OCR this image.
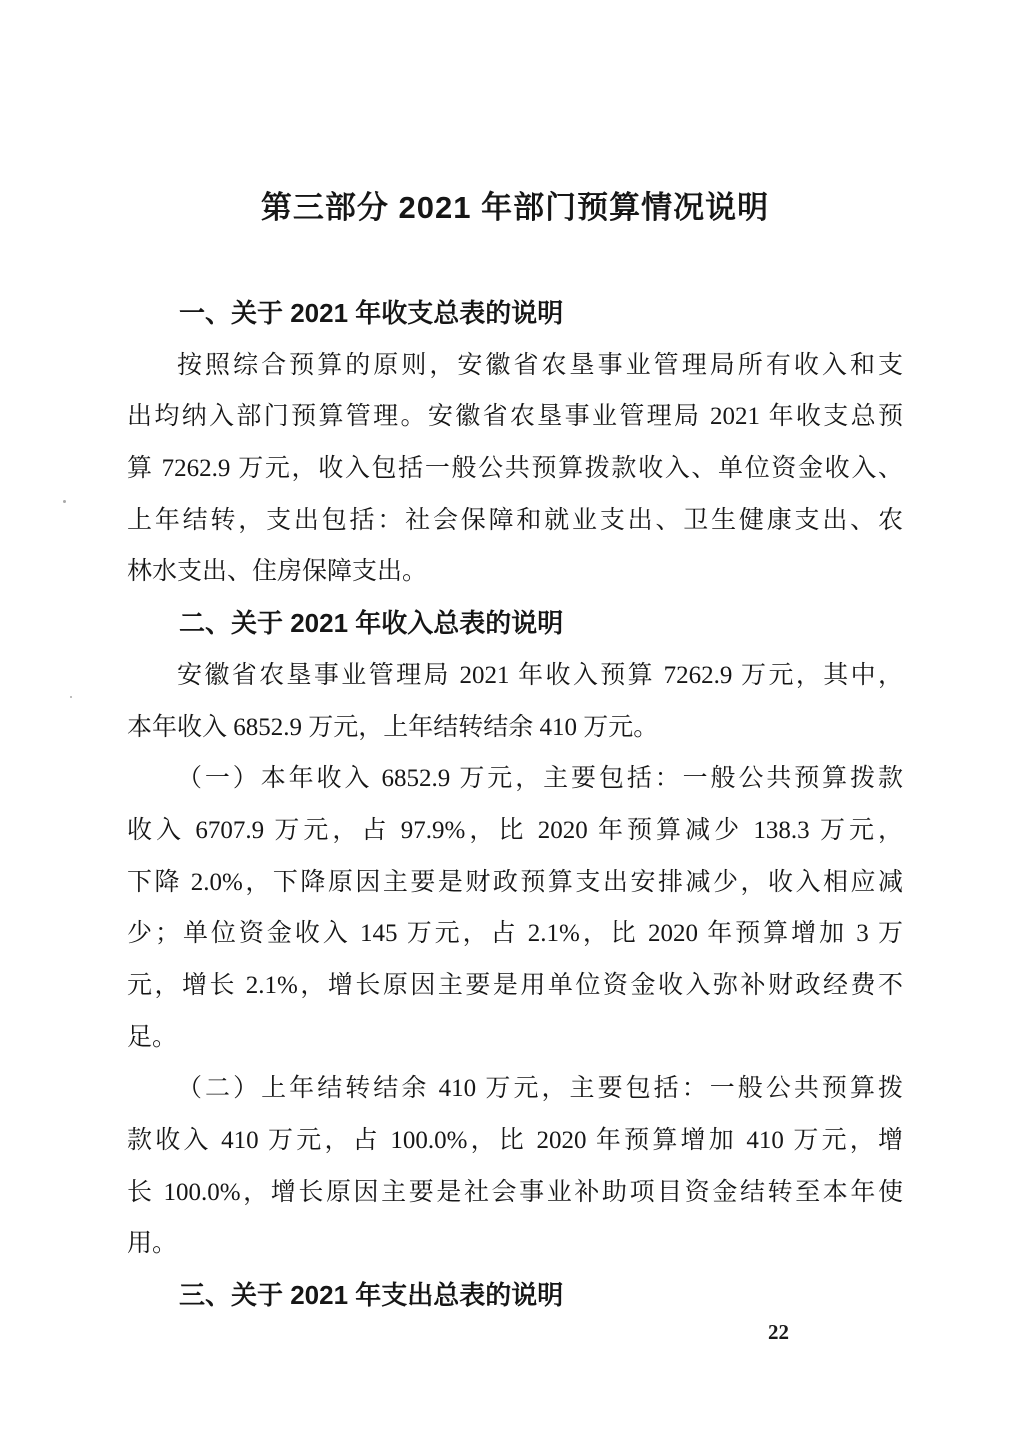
第三部分 2021 年部门预算情况说明
一、关于 2021 年收支总表的说明
按照综合预算的原则，安徽省农垦事业管理局所有收入和支
出均纳入部门预算管理。安徽省农垦事业管理局 2021 年收支总预
算 7262.9 万元，收入包括一般公共预算拨款收入、单位资金收入、
上年结转，支出包括：社会保障和就业支出、卫生健康支出、农
林水支出、住房保障支出。
二、关于 2021 年收入总表的说明
安徽省农垦事业管理局 2021 年收入预算 7262.9 万元，其中，
本年收入 6852.9 万元，上年结转结余 410 万元。
（一）本年收入 6852.9 万元，主要包括：一般公共预算拨款
收入 6707.9 万元，占 97.9%，比 2020 年预算减少 138.3 万元，
下降 2.0%，下降原因主要是财政预算支出安排减少，收入相应减
少；单位资金收入 145 万元，占 2.1%，比 2020 年预算增加 3 万
元，增长 2.1%，增长原因主要是用单位资金收入弥补财政经费不
足。
（二）上年结转结余 410 万元，主要包括：一般公共预算拨
款收入 410 万元，占 100.0%，比 2020 年预算增加 410 万元，增
长 100.0%，增长原因主要是社会事业补助项目资金结转至本年使
用。
三、关于 2021 年支出总表的说明
22
